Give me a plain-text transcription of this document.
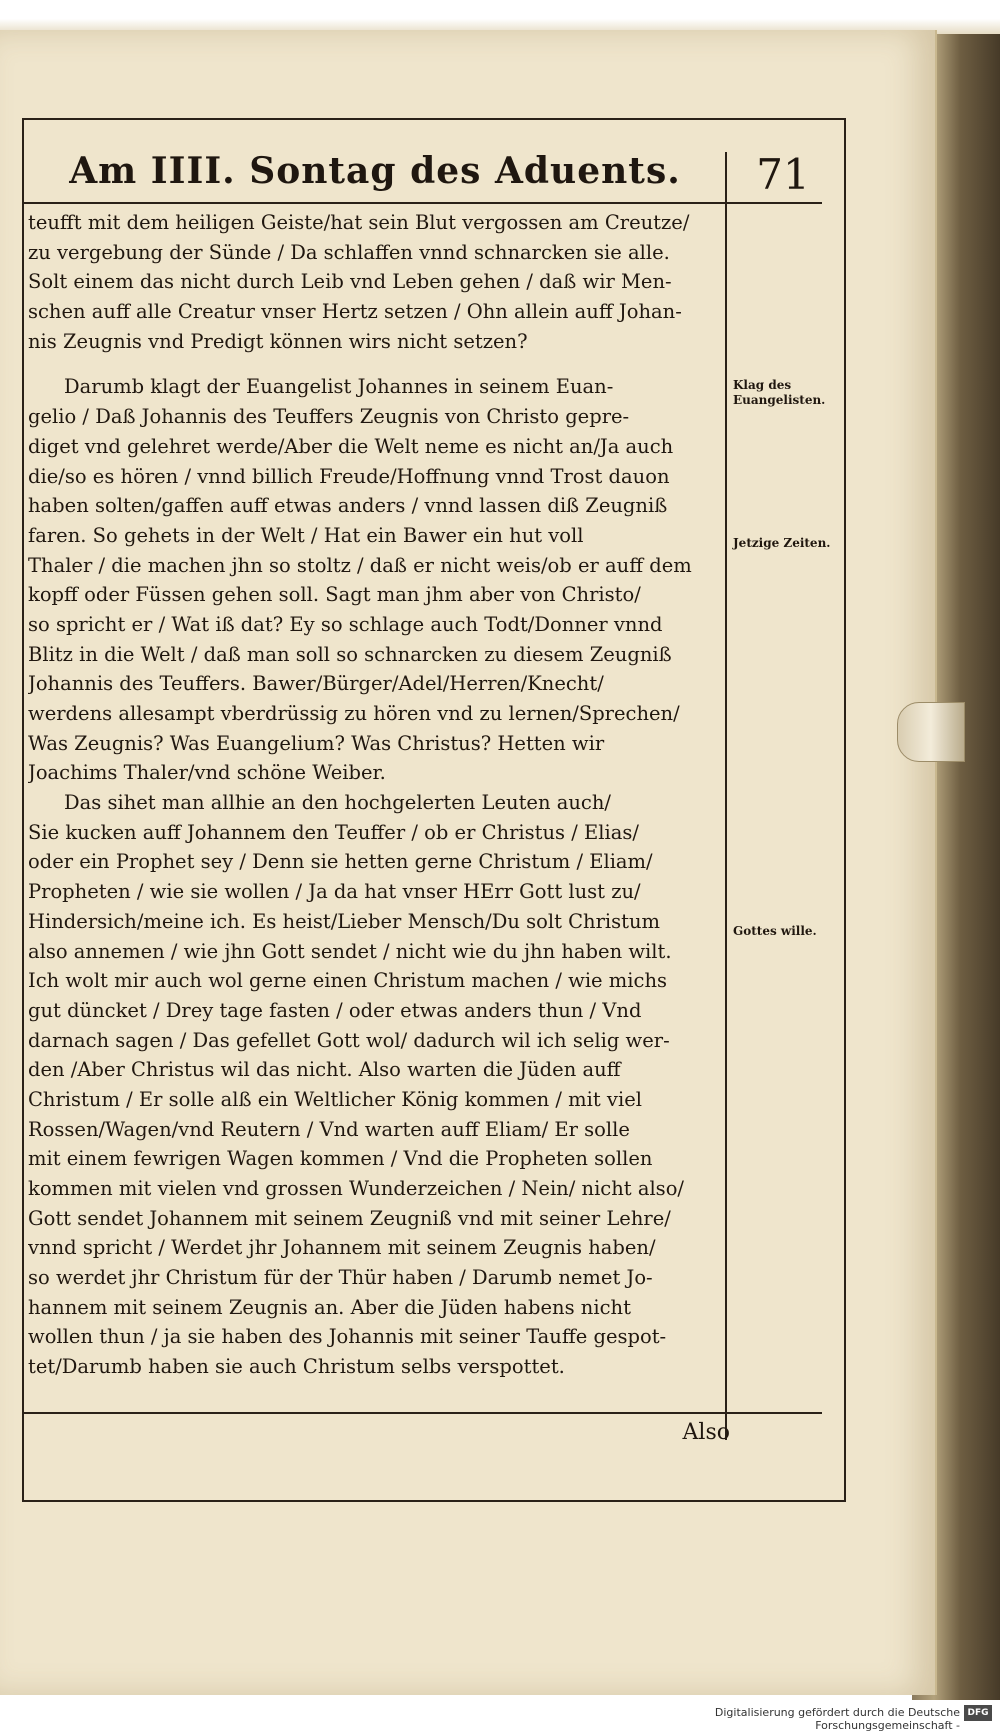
Am IIII. Sontag des Aduents.	71
teufft mit dem heiligen Geiste/hat sein Blut vergossen am Creutze/
zu vergebung der Sünde / Da schlaffen vnnd schnarcken sie alle.
Solt einem das nicht durch Leib vnd Leben gehen / daß wir Men-
schen auff alle Creatur vnser Hertz setzen / Ohn allein auff Johan-
nis Zeugnis vnd Predigt können wirs nicht setzen?
Darumb klagt der Euangelist Johannes in seinem Euan-
gelio / Daß Johannis des Teuffers Zeugnis von Christo gepre-
diget vnd gelehret werde/Aber die Welt neme es nicht an/Ja auch
die/so es hören / vnnd billich Freude/Hoffnung vnnd Trost dauon
haben solten/gaffen auff etwas anders / vnnd lassen diß Zeugniß
faren. So gehets in der Welt / Hat ein Bawer ein hut voll
Thaler / die machen jhn so stoltz / daß er nicht weis/ob er auff dem
kopff oder Füssen gehen soll. Sagt man jhm aber von Christo/
so spricht er / Wat iß dat? Ey so schlage auch Todt/Donner vnnd
Blitz in die Welt / daß man soll so schnarcken zu diesem Zeugniß
Johannis des Teuffers. Bawer/Bürger/Adel/Herren/Knecht/
werdens allesampt vberdrüssig zu hören vnd zu lernen/Sprechen/
Was Zeugnis? Was Euangelium? Was Christus? Hetten wir
Joachims Thaler/vnd schöne Weiber.
Das sihet man allhie an den hochgelerten Leuten auch/
Sie kucken auff Johannem den Teuffer / ob er Christus / Elias/
oder ein Prophet sey / Denn sie hetten gerne Christum / Eliam/
Propheten / wie sie wollen / Ja da hat vnser HErr Gott lust zu/
Hindersich/meine ich. Es heist/Lieber Mensch/Du solt Christum
also annemen / wie jhn Gott sendet / nicht wie du jhn haben wilt.
Ich wolt mir auch wol gerne einen Christum machen / wie michs
gut düncket / Drey tage fasten / oder etwas anders thun / Vnd
darnach sagen / Das gefellet Gott wol/ dadurch wil ich selig wer-
den /Aber Christus wil das nicht. Also warten die Jüden auff
Christum / Er solle alß ein Weltlicher König kommen / mit viel
Rossen/Wagen/vnd Reutern / Vnd warten auff Eliam/ Er solle
mit einem fewrigen Wagen kommen / Vnd die Propheten sollen
kommen mit vielen vnd grossen Wunderzeichen / Nein/ nicht also/
Gott sendet Johannem mit seinem Zeugniß vnd mit seiner Lehre/
vnnd spricht / Werdet jhr Johannem mit seinem Zeugnis haben/
so werdet jhr Christum für der Thür haben / Darumb nemet Jo-
hannem mit seinem Zeugnis an. Aber die Jüden habens nicht
wollen thun / ja sie haben des Johannis mit seiner Tauffe gespot-
tet/Darumb haben sie auch Christum selbs verspottet.
Klag des Euangelisten.
Jetzige Zeiten.
Gottes wille.
Also
Digitalisierung gefördert durch die Deutsche Forschungsgemeinschaft -
DFG
